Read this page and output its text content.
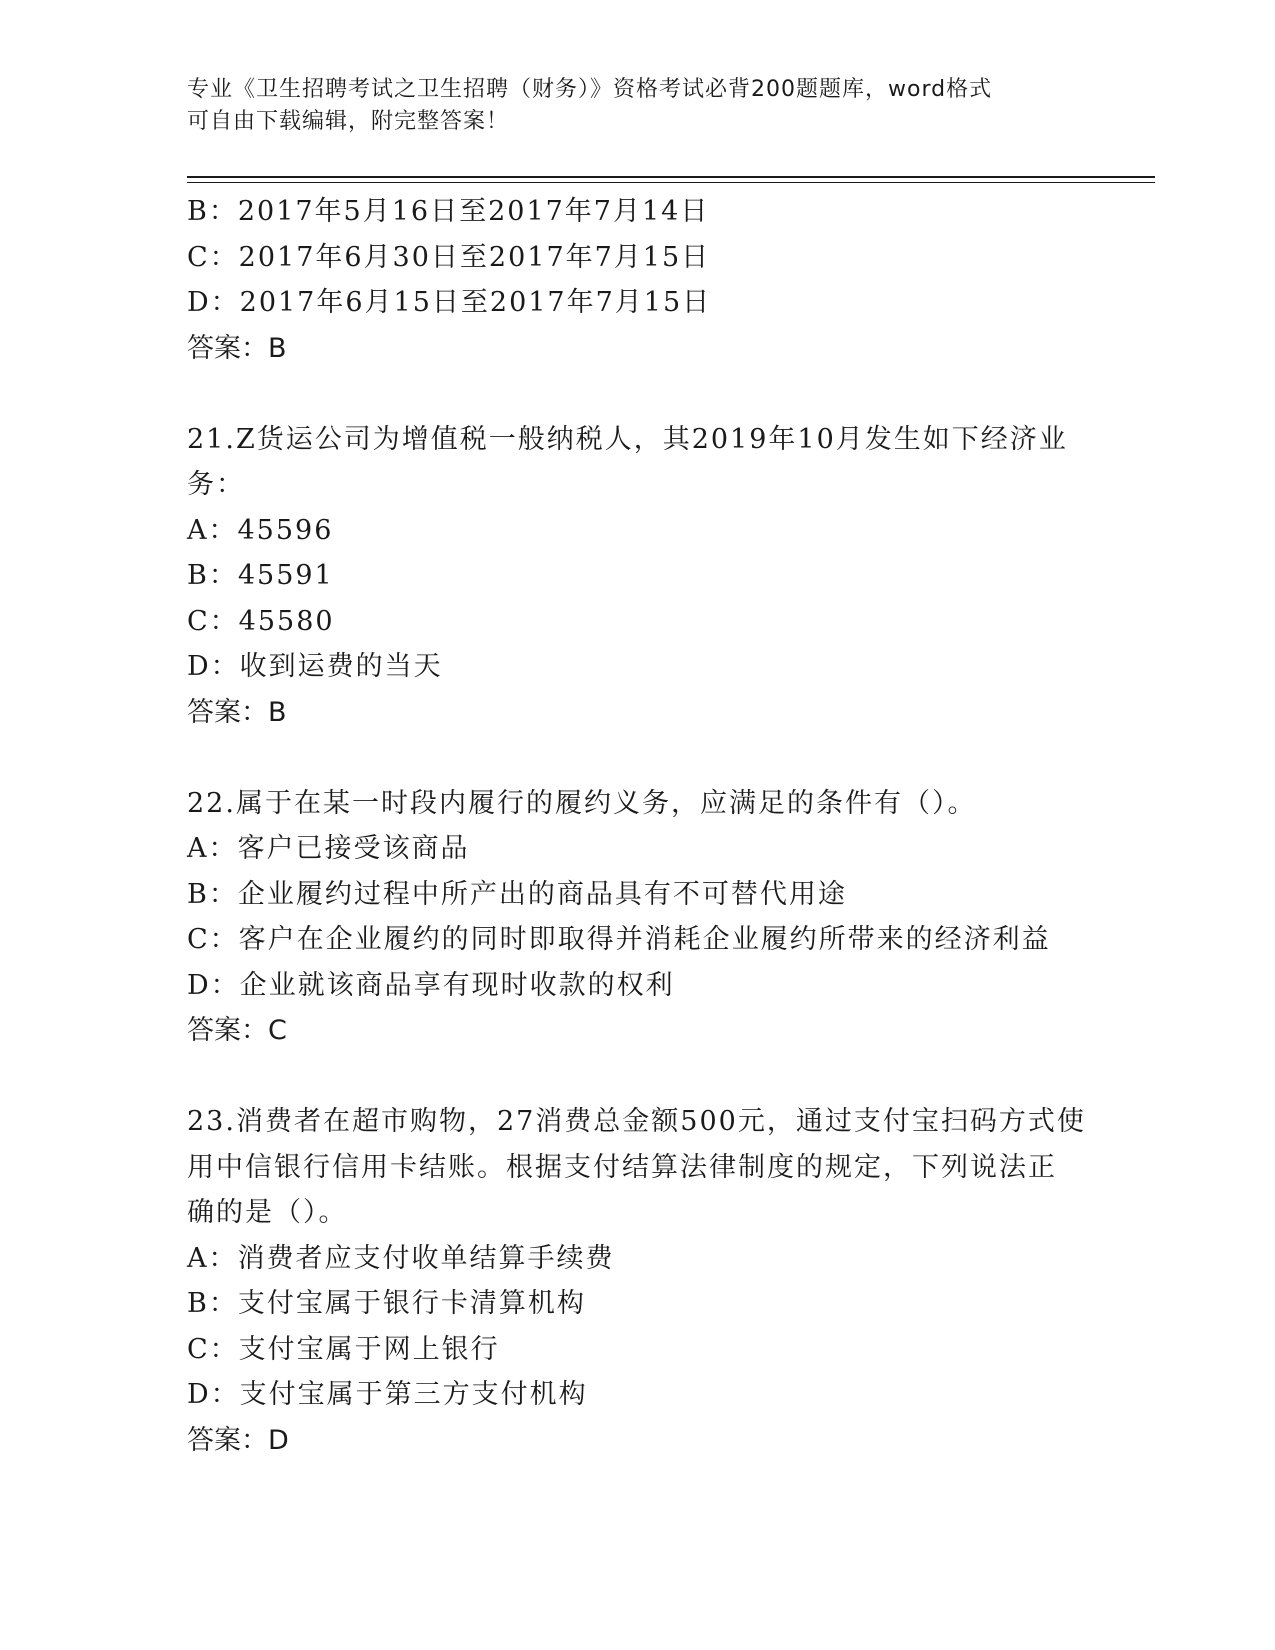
专业《卫生招聘考试之卫生招聘（财务）》资格考试必背200题题库，word格式
可自由下载编辑，附完整答案！
B：2017年5月16日至2017年7月14日
C：2017年6月30日至2017年7月15日
D：2017年6月15日至2017年7月15日
答案：B
21.Z货运公司为增值税一般纳税人，其2019年10月发生如下经济业
务：
A：45596
B：45591
C：45580
D：收到运费的当天
答案：B
22.属于在某一时段内履行的履约义务，应满足的条件有（）。
A：客户已接受该商品
B：企业履约过程中所产出的商品具有不可替代用途
C：客户在企业履约的同时即取得并消耗企业履约所带来的经济利益
D：企业就该商品享有现时收款的权利
答案：C
23.消费者在超市购物，27消费总金额500元，通过支付宝扫码方式使
用中信银行信用卡结账。根据支付结算法律制度的规定，下列说法正
确的是（）。
A：消费者应支付收单结算手续费
B：支付宝属于银行卡清算机构
C：支付宝属于网上银行
D：支付宝属于第三方支付机构
答案：D
